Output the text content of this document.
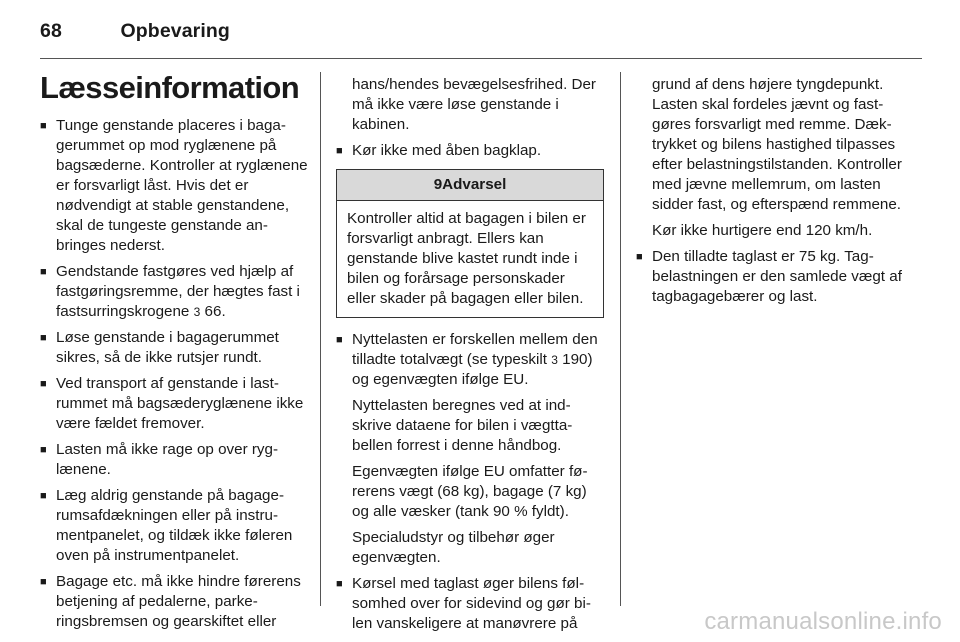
68	Opbevaring
Læsseinformation
■ Tunge genstande placeres i bagagerummet op mod ryglænene på bagsæderne. Kontroller at ryglænene er forsvarligt låst. Hvis det er nødvendigt at stable genstandene, skal de tungeste genstande anbringes nederst.
■ Gendstande fastgøres ved hjælp af fastgøringsremme, der hægtes fast i fastsurringskrogene 3 66.
■ Løse genstande i bagagerummet sikres, så de ikke rutsjer rundt.
■ Ved transport af genstande i lastrummet må bagsæderyglænene ikke være fældet fremover.
■ Lasten må ikke rage op over ryglænene.
■ Læg aldrig genstande på bagagerumsafdækningen eller på instrumentpanelet, og tildæk ikke føleren oven på instrumentpanelet.
■ Bagage etc. må ikke hindre førerens betjening af pedalerne, parkeringsbremsen og gearskiftet eller
hans/hendes bevægelsesfrihed. Der må ikke være løse genstande i kabinen.
■ Kør ikke med åben bagklap.
9Advarsel
Kontroller altid at bagagen i bilen er forsvarligt anbragt. Ellers kan genstande blive kastet rundt inde i bilen og forårsage personskader eller skader på bagagen eller bilen.
■ Nyttelasten er forskellen mellem den tilladte totalvægt (se typeskilt 3 190) og egenvægten ifølge EU.
Nyttelasten beregnes ved at indskrive dataene for bilen i vægttabellen forrest i denne håndbog.
Egenvægten ifølge EU omfatter førerens vægt (68 kg), bagage (7 kg) og alle væsker (tank 90 % fyldt).
Specialudstyr og tilbehør øger egenvægten.
■ Kørsel med taglast øger bilens følsomhed over for sidevind og gør bilen vanskeligere at manøvrere på
grund af dens højere tyngdepunkt. Lasten skal fordeles jævnt og fastgøres forsvarligt med remme. Dæktrykket og bilens hastighed tilpasses efter belastningstilstanden. Kontroller med jævne mellemrum, om lasten sidder fast, og efterspænd remmene.
Kør ikke hurtigere end 120 km/h.
■ Den tilladte taglast er 75 kg. Tagbelastningen er den samlede vægt af tagbagagebærer og last.
carmanualsonline.info
